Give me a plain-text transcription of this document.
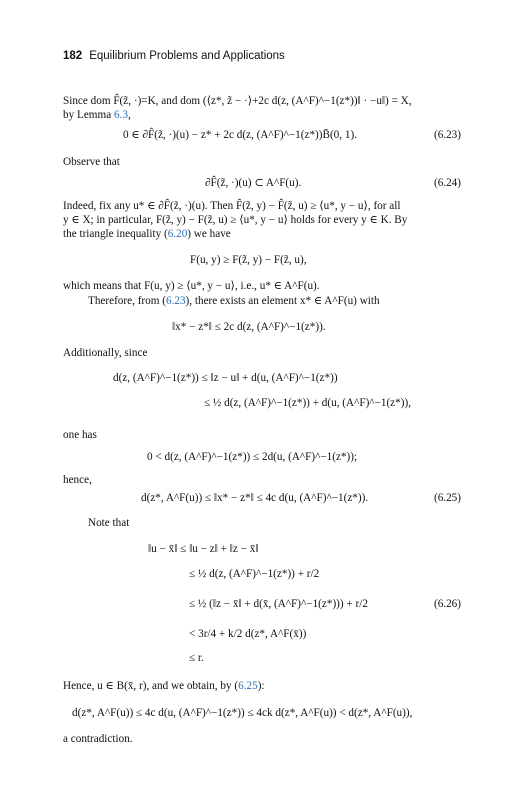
182 Equilibrium Problems and Applications
Since dom F̂(z̃, ·)=K, and dom (⟨z*, z̃ − ·⟩+2c d(z, (A^F)^−1(z*))‖ · −u‖) = X,
by Lemma 6.3,
0 ∈ ∂F̂(z̃, ·)(u) − z* + 2c d(z, (A^F)^−1(z*))B̄(0, 1).	(6.23)
Observe that
∂F̂(z̃, ·)(u) ⊂ A^F(u).	(6.24)
Indeed, fix any u* ∈ ∂F̂(z̃, ·)(u). Then F̂(z̃, y) − F̂(z̃, u) ≥ ⟨u*, y − u⟩, for all
y ∈ X; in particular, F(z̃, y) − F(z̃, u) ≥ ⟨u*, y − u⟩ holds for every y ∈ K. By
the triangle inequality (6.20) we have
F(u, y) ≥ F(z̃, y) − F(z̃, u),
which means that F(u, y) ≥ ⟨u*, y − u⟩, i.e., u* ∈ A^F(u).
Therefore, from (6.23), there exists an element x* ∈ A^F(u) with
‖x* − z*‖ ≤ 2c d(z, (A^F)^−1(z*)).
Additionally, since
d(z, (A^F)^−1(z*)) ≤ ‖z − u‖ + d(u, (A^F)^−1(z*))
≤ ½ d(z, (A^F)^−1(z*)) + d(u, (A^F)^−1(z*)),
one has
0 < d(z, (A^F)^−1(z*)) ≤ 2d(u, (A^F)^−1(z*));
hence,
d(z*, A^F(u)) ≤ ‖x* − z*‖ ≤ 4c d(u, (A^F)^−1(z*)).	(6.25)
Note that
‖u − x̄‖ ≤ ‖u − z‖ + ‖z − x̄‖
≤ ½ d(z, (A^F)^−1(z*)) + r/2
≤ ½ (‖z − x̄‖ + d(x̄, (A^F)^−1(z*))) + r/2	(6.26)
< 3r/4 + k/2 d(z*, A^F(x̄))
≤ r.
Hence, u ∈ B(x̄, r), and we obtain, by (6.25):
d(z*, A^F(u)) ≤ 4c d(u, (A^F)^−1(z*)) ≤ 4ck d(z*, A^F(u)) < d(z*, A^F(u)),
a contradiction.
